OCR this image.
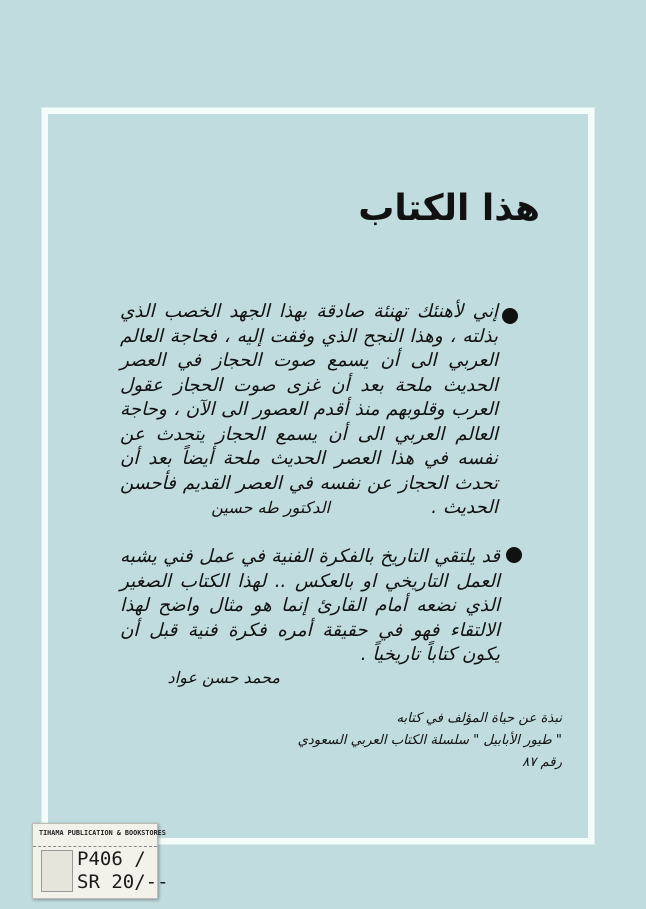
هذا الكتاب
إني لأهنئك تهنئة صادقة بهذا الجهد الخصب الذي بذلته ، وهذا النجح الذي وفقت إليه ، فحاجة العالم العربي الى أن يسمع صوت الحجاز في العصر الحديث ملحة بعد أن غزى صوت الحجاز عقول العرب وقلوبهم منذ أقدم العصور الى الآن ، وحاجة العالم العربي الى أن يسمع الحجاز يتحدث عن نفسه في هذا العصر الحديث ملحة أيضاً بعد أن تحدث الحجاز عن نفسه في العصر القديم فأحسن الحديث .
الدكتور طه حسين
قد يلتقي التاريخ بالفكرة الفنية في عمل فني يشبه العمل التاريخي او بالعكس .. لهذا الكتاب الصغير الذي نضعه أمام القارئ إنما هو مثال واضح لهذا الالتقاء فهو في حقيقة أمره فكرة فنية قبل أن يكون كتاباً تاريخياً .
محمد حسن عواد
نبذة عن حياة المؤلف في كتابه
" طيور الأبابيل " سلسلة الكتاب العربي السعودي رقم ٨٧
TIHAMA PUBLICATION & BOOKSTORES
P406 /
SR 20/--
